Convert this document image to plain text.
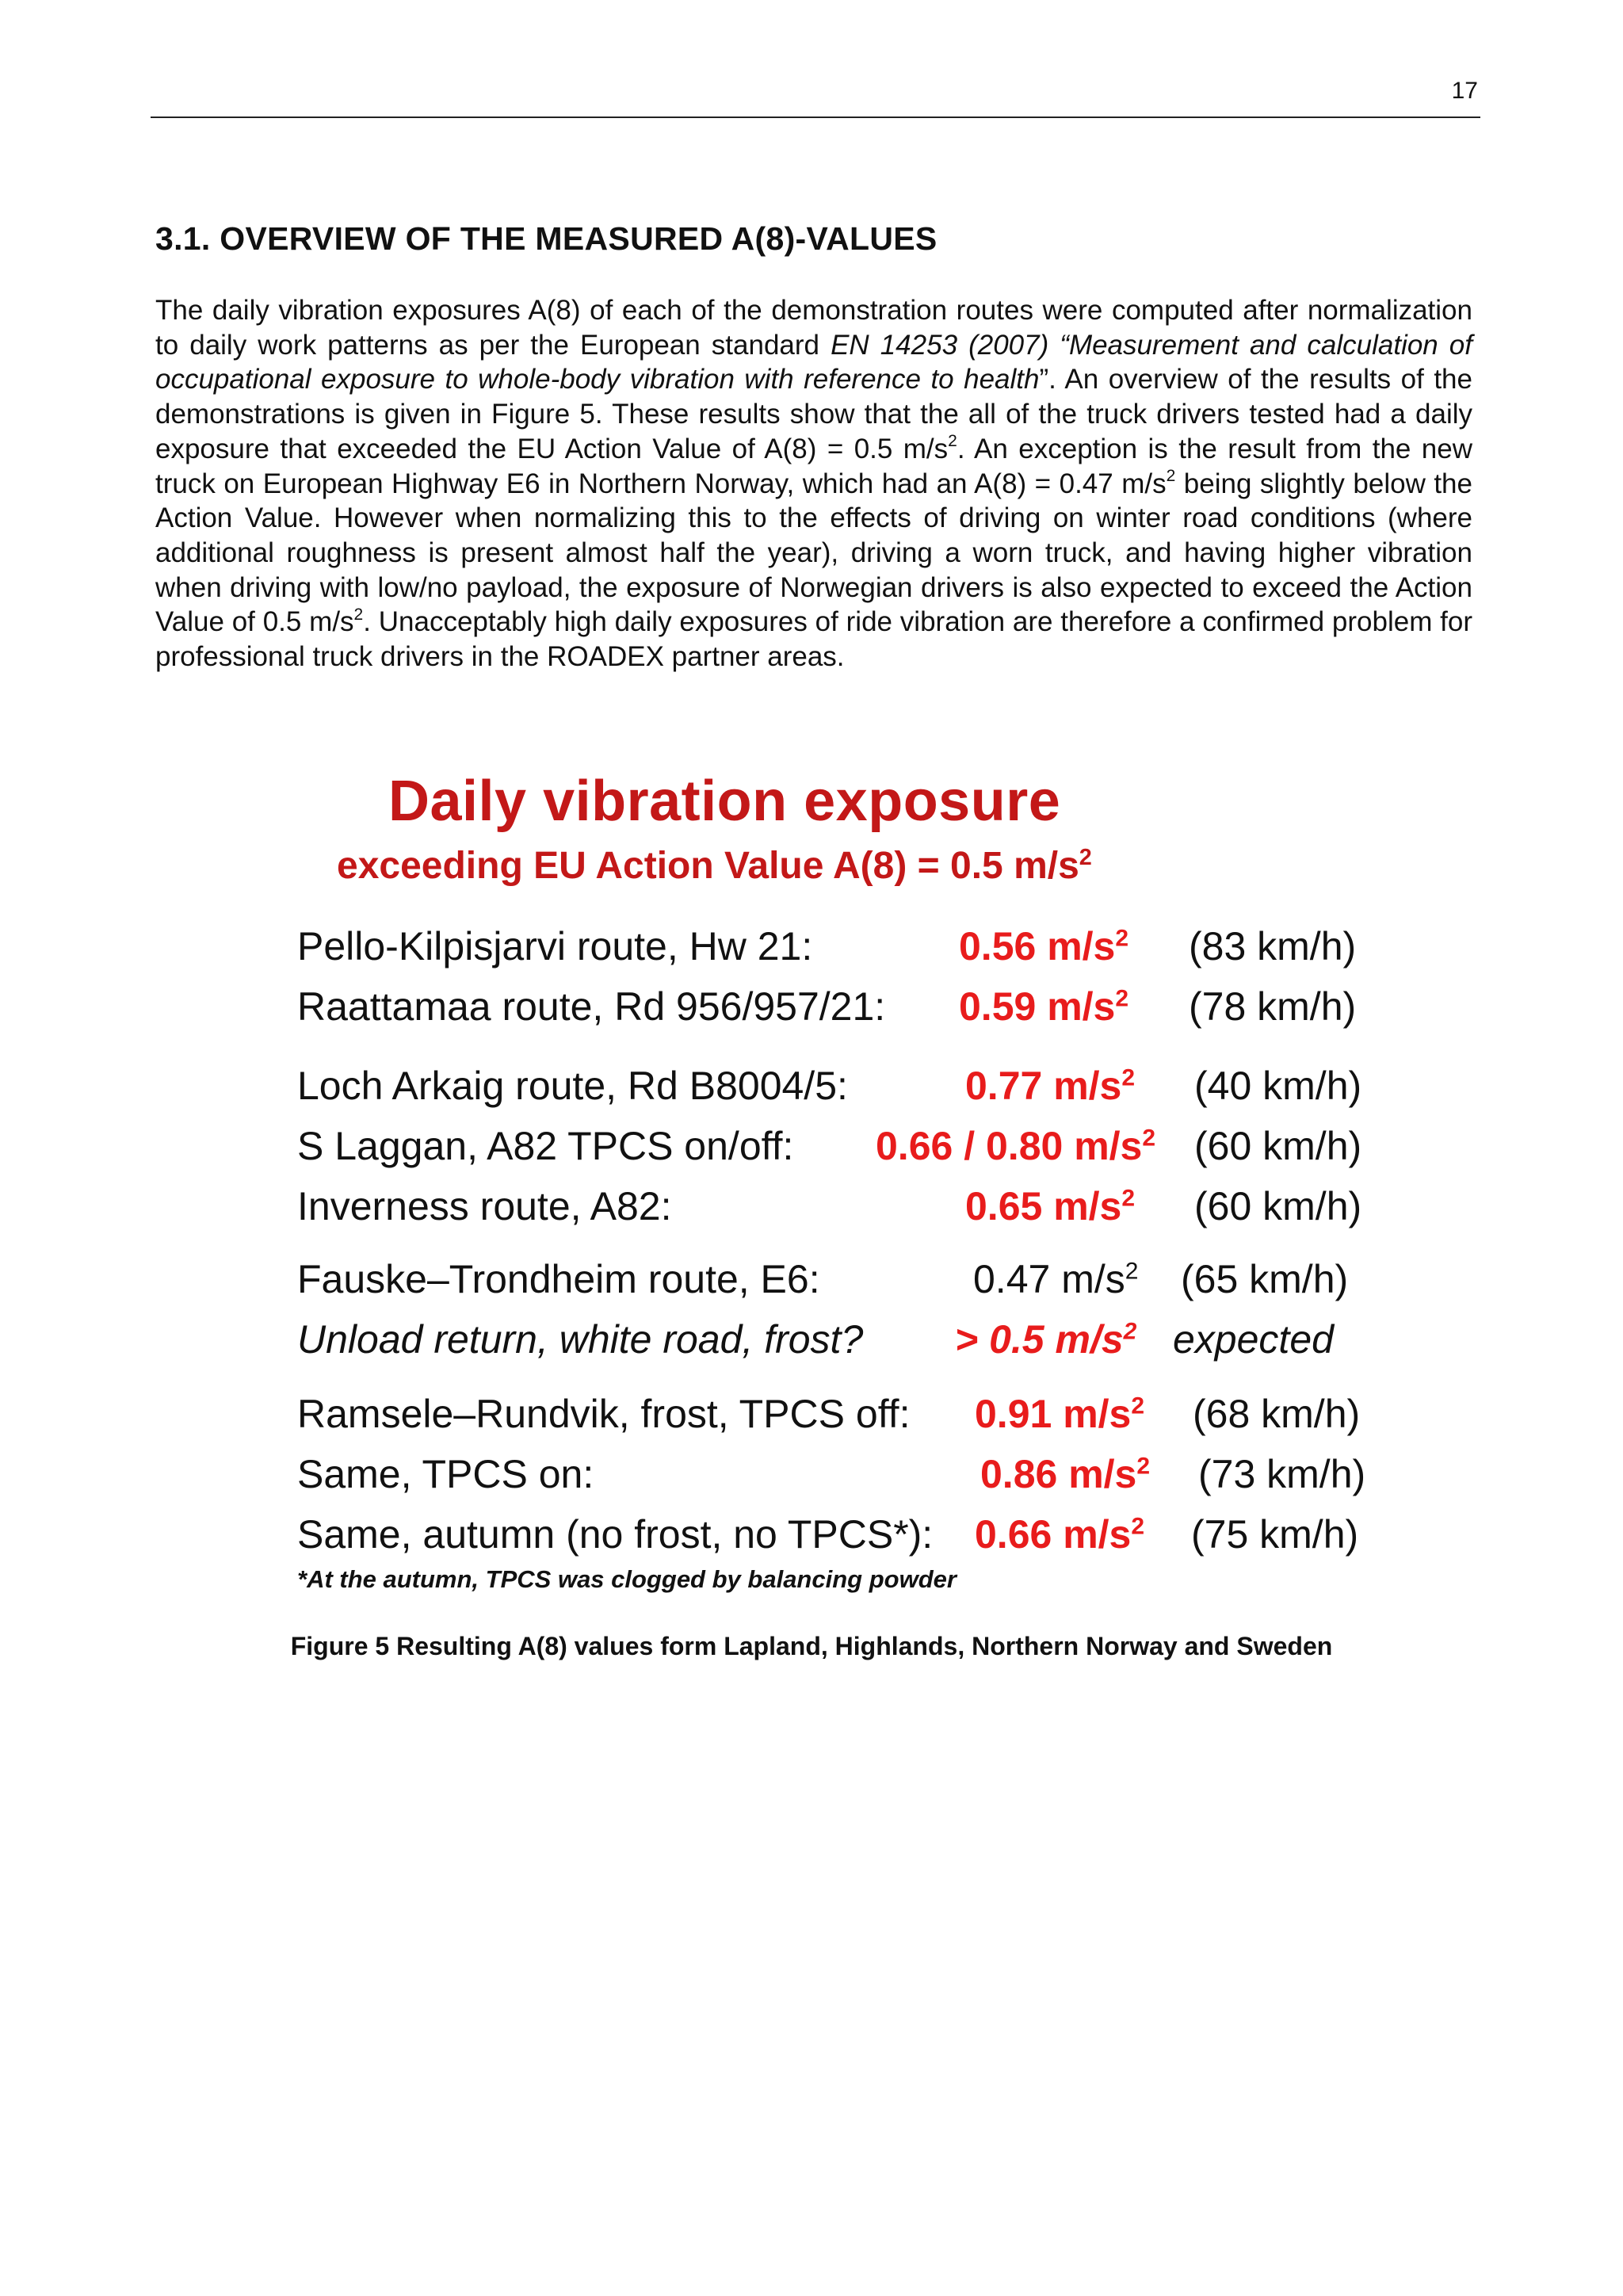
17
3.1. OVERVIEW OF THE MEASURED A(8)-VALUES

The daily vibration exposures A(8) of each of the demonstration routes were computed after normalization to daily work patterns as per the European standard EN 14253 (2007) “Measurement and calculation of occupational exposure to whole-body vibration with reference to health”. An overview of the results of the demonstrations is given in Figure 5. These results show that the all of the truck drivers tested had a daily exposure that exceeded the EU Action Value of A(8) = 0.5 $m/s^2$. An exception is the result from the new truck on European Highway E6 in Northern Norway, which had an A(8) = 0.47 $m/s^2$ being slightly below the Action Value. However when normalizing this to the effects of driving on winter road conditions (where additional roughness is present almost half the year), driving a worn truck, and having higher vibration when driving with low/no payload, the exposure of Norwegian drivers is also expected to exceed the Action Value of 0.5 $m/s^2$. Unacceptably high daily exposures of ride vibration are therefore a confirmed problem for professional truck drivers in the ROADEX partner areas.

Daily vibration exposure
exceeding EU Action Value A(8) = 0.5 $m/s^2$
Pello-Kilpisjarvi route, Hw 21:	0.56 $m/s^2$ (83 km/h)
Raattamaa route, Rd 956/957/21: 0.59 $m/s^2$ (78 km/h)
Loch Arkaig route, Rd B8004/5:	0.77 $m/s^2$ (40 km/h)
S Laggan, A82 TPCS on/off: 0.66 / 0.80 $m/s^2$ (60 km/h)
Inverness route, A82:	0.65 $m/s^2$ (60 km/h)
Fauske–Trondheim route, E6:	0.47 $m/s^2$ (65 km/h)
Unload return, white road, frost? > 0.5 $m/s^2$ expected
Ramsele–Rundvik, frost, TPCS off: 0.91 $m/s^2$ (68 km/h)
Same, TPCS on:	0.86 $m/s^2$ (73 km/h)
Same, autumn (no frost, no TPCS*): 0.66 $m/s^2$ (75 km/h)

*At the autumn, TPCS was clogged by balancing powder

Figure 5 Resulting A(8) values form Lapland, Highlands, Northern Norway and Sweden
